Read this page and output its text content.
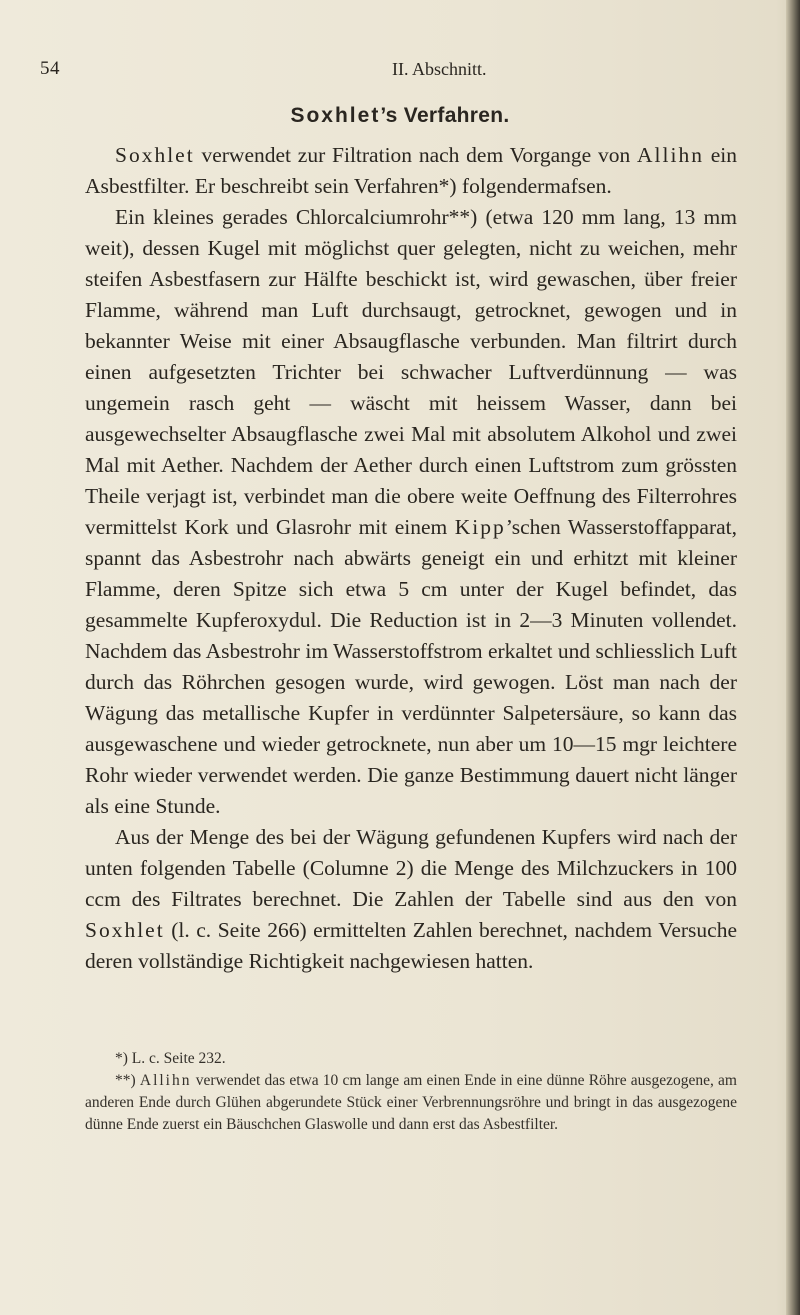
54	II. Abschnitt.
Soxhlet’s Verfahren.

Soxhlet verwendet zur Filtration nach dem Vorgange von Allihn ein Asbestfilter. Er beschreibt sein Verfahren*) folgendermafsen.

Ein kleines gerades Chlorcalciumrohr**) (etwa 120 mm lang, 13 mm weit), dessen Kugel mit möglichst quer gelegten, nicht zu weichen, mehr steifen Asbestfasern zur Hälfte beschickt ist, wird gewaschen, über freier Flamme, während man Luft durchsaugt, getrocknet, gewogen und in bekannter Weise mit einer Absaugflasche verbunden. Man filtrirt durch einen aufgesetzten Trichter bei schwacher Luftverdünnung — was ungemein rasch geht — wäscht mit heissem Wasser, dann bei ausgewechselter Absaugflasche zwei Mal mit absolutem Alkohol und zwei Mal mit Aether. Nachdem der Aether durch einen Luftstrom zum grössten Theile verjagt ist, verbindet man die obere weite Oeffnung des Filterrohres vermittelst Kork und Glasrohr mit einem Kipp’schen Wasserstoffapparat, spannt das Asbestrohr nach abwärts geneigt ein und erhitzt mit kleiner Flamme, deren Spitze sich etwa 5 cm unter der Kugel befindet, das gesammelte Kupferoxydul. Die Reduction ist in 2—3 Minuten vollendet. Nachdem das Asbestrohr im Wasserstoffstrom erkaltet und schliesslich Luft durch das Röhrchen gesogen wurde, wird gewogen. Löst man nach der Wägung das metallische Kupfer in verdünnter Salpetersäure, so kann das ausgewaschene und wieder getrocknete, nun aber um 10—15 mgr leichtere Rohr wieder verwendet werden. Die ganze Bestimmung dauert nicht länger als eine Stunde.

Aus der Menge des bei der Wägung gefundenen Kupfers wird nach der unten folgenden Tabelle (Columne 2) die Menge des Milchzuckers in 100 ccm des Filtrates berechnet. Die Zahlen der Tabelle sind aus den von Soxhlet (l. c. Seite 266) ermittelten Zahlen berechnet, nachdem Versuche deren vollständige Richtigkeit nachgewiesen hatten.

*) L. c. Seite 232.

**) Allihn verwendet das etwa 10 cm lange am einen Ende in eine dünne Röhre ausgezogene, am anderen Ende durch Glühen abgerundete Stück einer Verbrennungsröhre und bringt in das ausgezogene dünne Ende zuerst ein Bäuschchen Glaswolle und dann erst das Asbestfilter.
